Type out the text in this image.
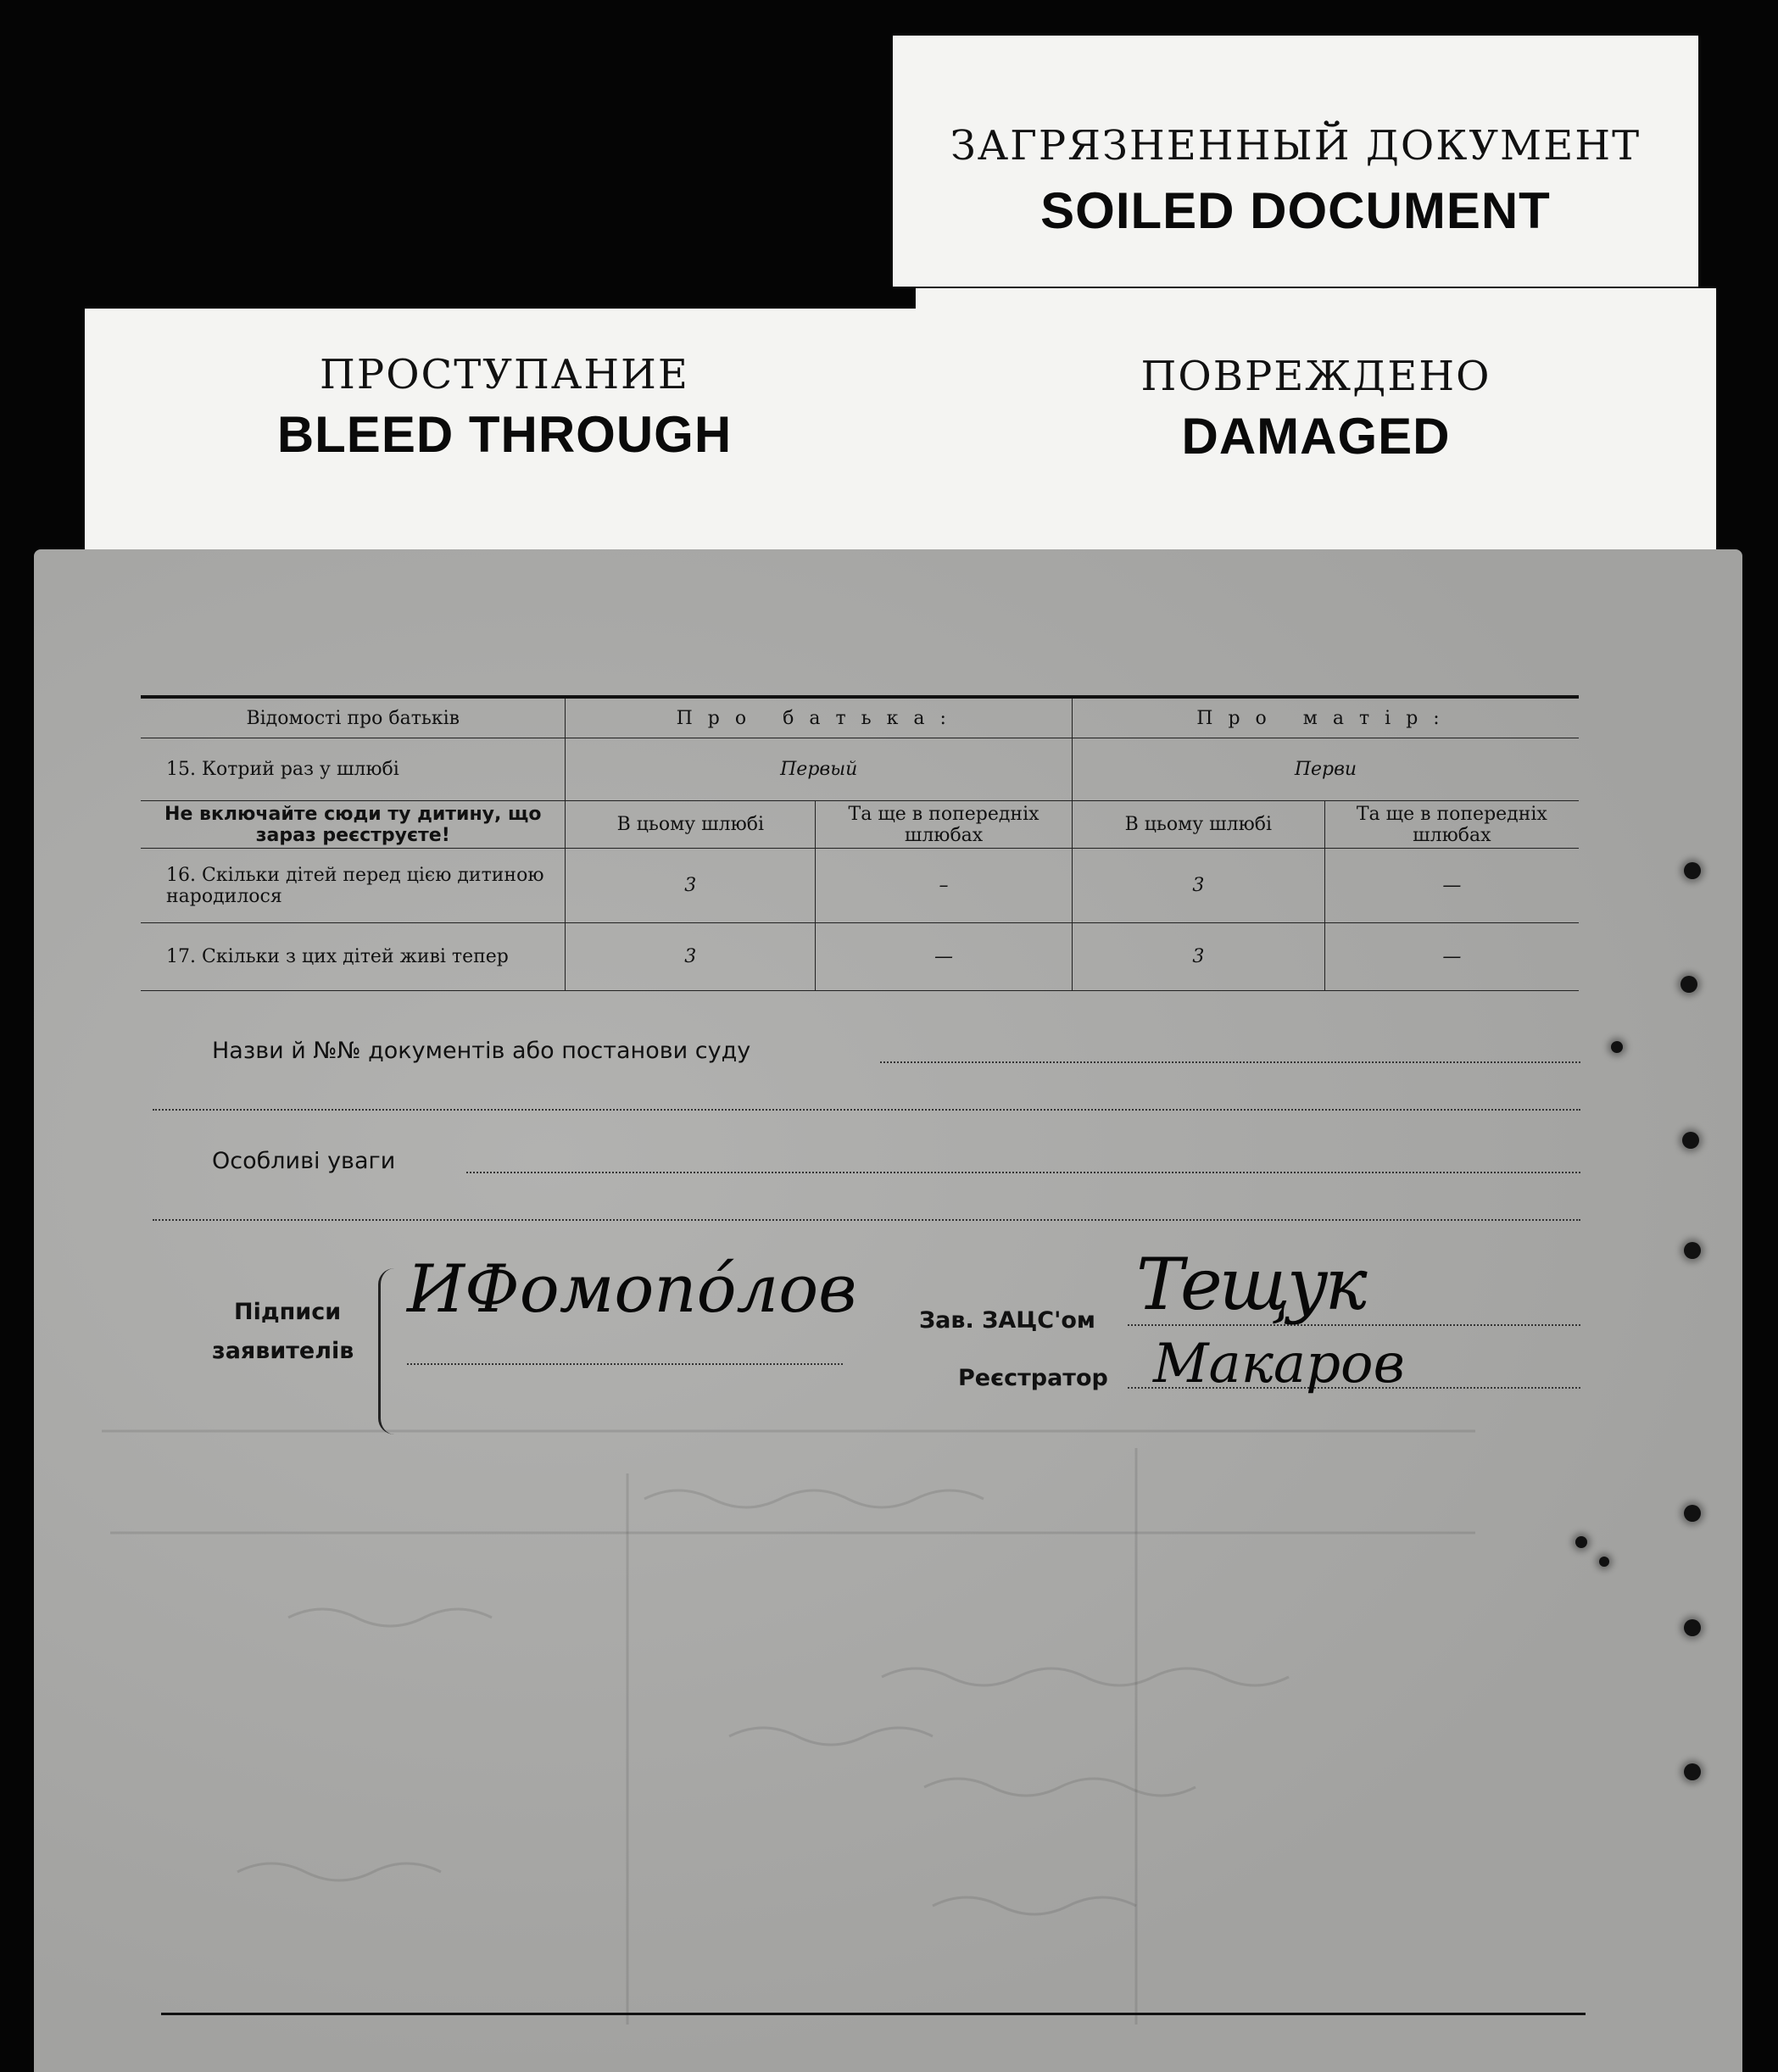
ЗАГРЯЗНЕННЫЙ ДОКУМЕНТ
SOILED DOCUMENT
ПРОСТУПАНИЕ
BLEED THROUGH
ПОВРЕЖДЕНО
DAMAGED
Відомості про батьків	Про батька:		Про матір:	
15. Котрий раз у шлюбі	Первый		Перви	
Не включайте сюди ту дитину, що зараз реєструєте!	В цьому шлюбі	Та ще в попередніх шлюбах	В цьому шлюбі	Та ще в попередніх шлюбах
16. Скільки дітей перед цією дитиною народилося	3	–	3	—
17. Скільки з цих дітей живі тепер	3	—	3	—
Назви й №№ документів або постанови суду
Особливі уваги
Підписи
заявителів
ИФомопо́лов	Зав. ЗАЦС'ом Тещук
Реєстратор Макаров
